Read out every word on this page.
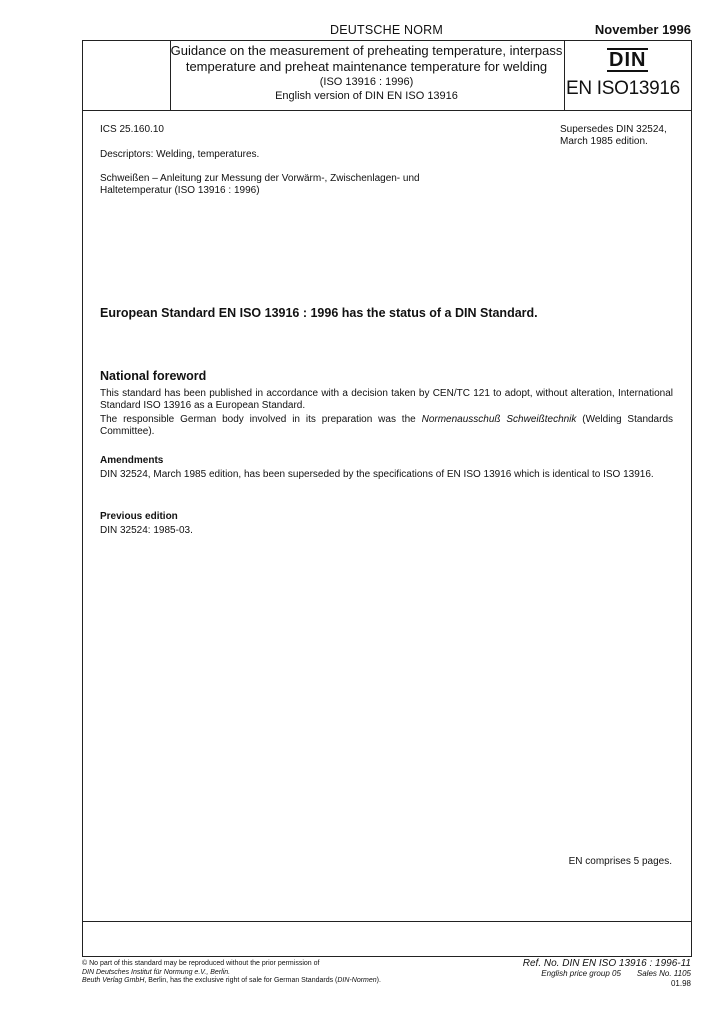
DEUTSCHE NORM	November 1996
Guidance on the measurement of preheating temperature, interpass
temperature and preheat maintenance temperature for welding
(ISO 13916 : 1996)
English version of DIN EN ISO 13916
DIN
EN ISO13916
ICS 25.160.10	Supersedes DIN 32524,
March 1985 edition.
Descriptors: Welding, temperatures.
Schweißen – Anleitung zur Messung der Vorwärm-, Zwischenlagen- und
Haltetemperatur (ISO 13916 : 1996)
European Standard EN ISO 13916 : 1996 has the status of a DIN Standard.
National foreword
This standard has been published in accordance with a decision taken by CEN/TC 121 to adopt, without alteration, International Standard ISO 13916 as a European Standard.
The responsible German body involved in its preparation was the Normenausschuß Schweißtechnik (Welding Standards Committee).
Amendments
DIN 32524, March 1985 edition, has been superseded by the specifications of EN ISO 13916 which is identical to ISO 13916.
Previous edition
DIN 32524: 1985-03.
EN comprises 5 pages.
© No part of this standard may be reproduced without the prior permission of
DIN Deutsches Institut für Normung e.V., Berlin.
Beuth Verlag GmbH, Berlin, has the exclusive right of sale for German Standards (DIN-Normen).
Ref. No. DIN EN ISO 13916 : 1996-11
English price group 05 Sales No. 1105
01.98
